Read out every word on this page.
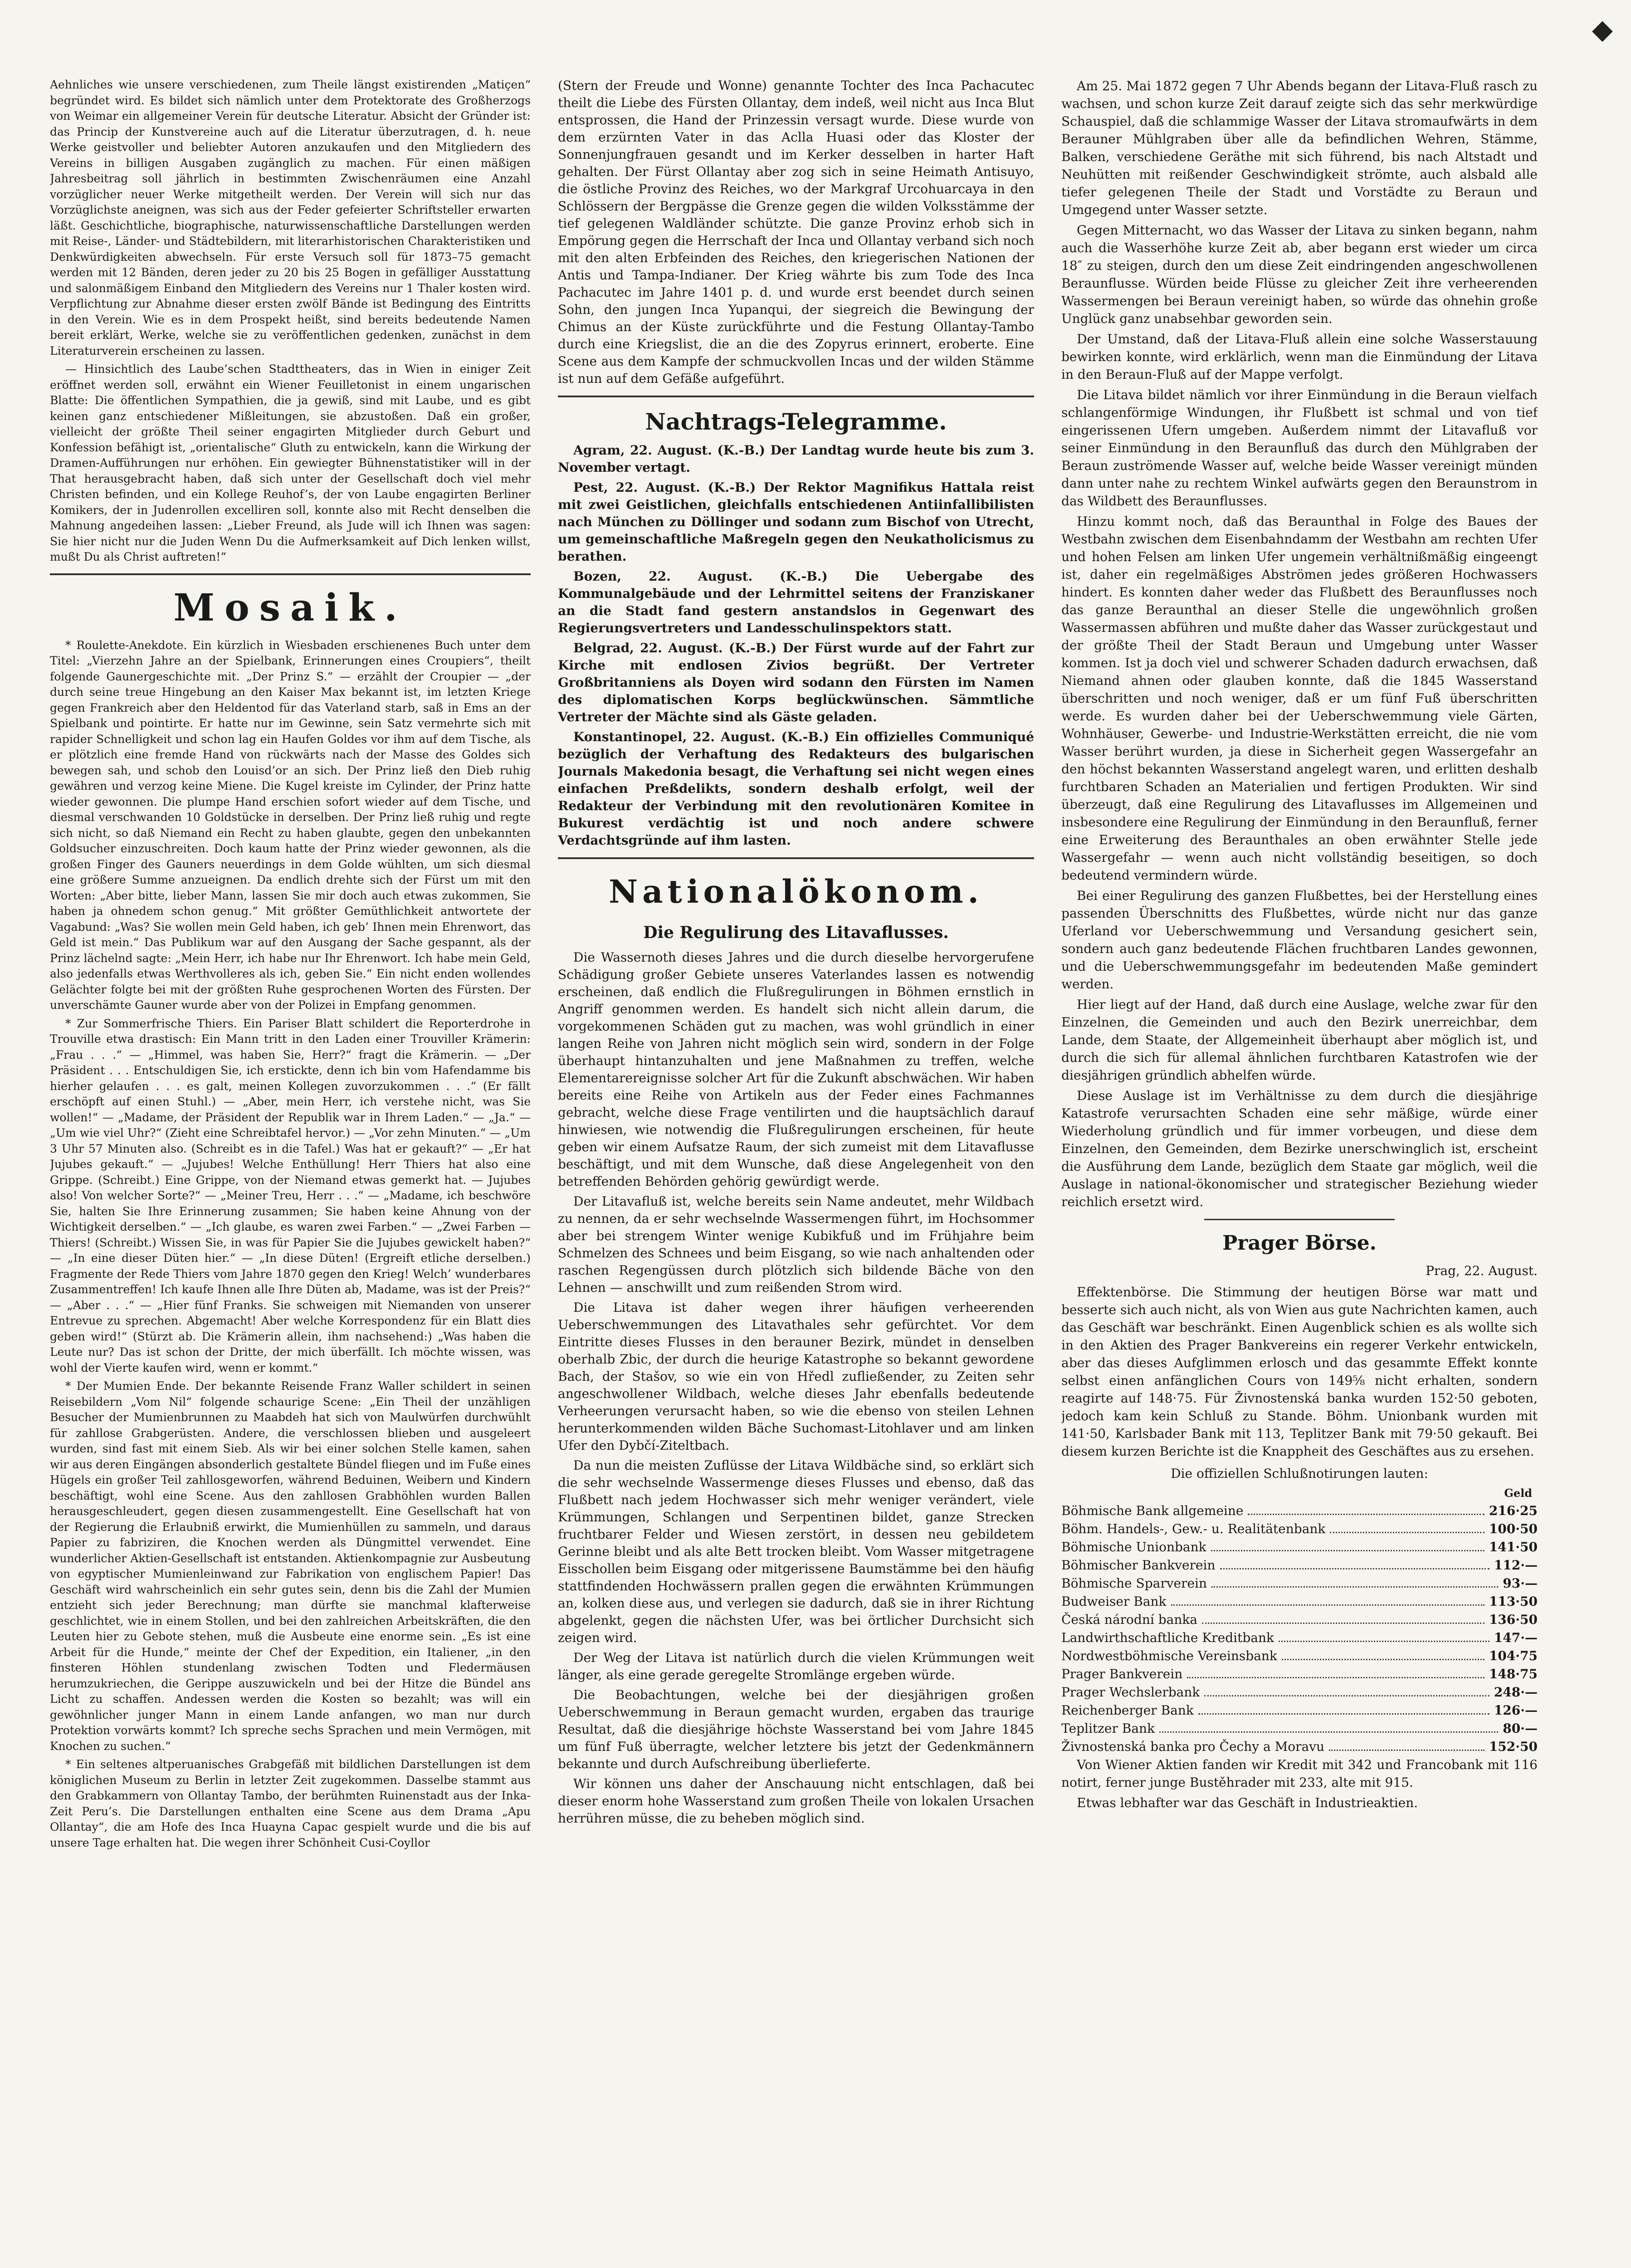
◆

Aehnliches wie unsere verschiedenen, zum Theile längst existirenden „Matiçen“ begründet wird. Es bildet sich nämlich unter dem Protektorate des Großherzogs von Weimar ein allgemeiner Verein für deutsche Literatur. Absicht der Gründer ist: das Princip der Kunstvereine auch auf die Literatur überzutragen, d. h. neue Werke geistvoller und beliebter Autoren anzukaufen und den Mitgliedern des Vereins in billigen Ausgaben zugänglich zu machen. Für einen mäßigen Jahresbeitrag soll jährlich in bestimmten Zwischenräumen eine Anzahl vorzüglicher neuer Werke mitgetheilt werden. Der Verein will sich nur das Vorzüglichste aneignen, was sich aus der Feder gefeierter Schriftsteller erwarten läßt. Geschichtliche, biographische, naturwissenschaftliche Darstellungen werden mit Reise-, Länder- und Städtebildern, mit literarhistorischen Charakteristiken und Denkwürdigkeiten abwechseln. Für erste Versuch soll für 1873–75 gemacht werden mit 12 Bänden, deren jeder zu 20 bis 25 Bogen in gefälliger Ausstattung und salonmäßigem Einband den Mitgliedern des Vereins nur 1 Thaler kosten wird. Verpflichtung zur Abnahme dieser ersten zwölf Bände ist Bedingung des Eintritts in den Verein. Wie es in dem Prospekt heißt, sind bereits bedeutende Namen bereit erklärt, Werke, welche sie zu veröffentlichen gedenken, zunächst in dem Literaturverein erscheinen zu lassen.

— Hinsichtlich des Laube’schen Stadttheaters, das in Wien in einiger Zeit eröffnet werden soll, erwähnt ein Wiener Feuilletonist in einem ungarischen Blatte: Die öffentlichen Sympathien, die ja gewiß, sind mit Laube, und es gibt keinen ganz entschiedener Mißleitungen, sie abzustoßen. Daß ein großer, vielleicht der größte Theil seiner engagirten Mitglieder durch Geburt und Konfession befähigt ist, „orientalische“ Gluth zu entwickeln, kann die Wirkung der Dramen-Aufführungen nur erhöhen. Ein gewiegter Bühnenstatistiker will in der That herausgebracht haben, daß sich unter der Gesellschaft doch viel mehr Christen befinden, und ein Kollege Reuhof’s, der von Laube engagirten Berliner Komikers, der in Judenrollen excelliren soll, konnte also mit Recht denselben die Mahnung angedeihen lassen: „Lieber Freund, als Jude will ich Ihnen was sagen: Sie hier nicht nur die Juden Wenn Du die Aufmerksamkeit auf Dich lenken willst, mußt Du als Christ auftreten!“

Mosaik.

* Roulette-Anekdote. Ein kürzlich in Wiesbaden erschienenes Buch unter dem Titel: „Vierzehn Jahre an der Spielbank, Erinnerungen eines Croupiers“, theilt folgende Gaunergeschichte mit. „Der Prinz S.“ — erzählt der Croupier — „der durch seine treue Hingebung an den Kaiser Max bekannt ist, im letzten Kriege gegen Frankreich aber den Heldentod für das Vaterland starb, saß in Ems an der Spielbank und pointirte. Er hatte nur im Gewinne, sein Satz vermehrte sich mit rapider Schnelligkeit und schon lag ein Haufen Goldes vor ihm auf dem Tische, als er plötzlich eine fremde Hand von rückwärts nach der Masse des Goldes sich bewegen sah, und schob den Louisd’or an sich. Der Prinz ließ den Dieb ruhig gewähren und verzog keine Miene. Die Kugel kreiste im Cylinder, der Prinz hatte wieder gewonnen. Die plumpe Hand erschien sofort wieder auf dem Tische, und diesmal verschwanden 10 Goldstücke in derselben. Der Prinz ließ ruhig und regte sich nicht, so daß Niemand ein Recht zu haben glaubte, gegen den unbekannten Goldsucher einzuschreiten. Doch kaum hatte der Prinz wieder gewonnen, als die großen Finger des Gauners neuerdings in dem Golde wühlten, um sich diesmal eine größere Summe anzueignen. Da endlich drehte sich der Fürst um mit den Worten: „Aber bitte, lieber Mann, lassen Sie mir doch auch etwas zukommen, Sie haben ja ohnedem schon genug.“ Mit größter Gemüthlichkeit antwortete der Vagabund: „Was? Sie wollen mein Geld haben, ich geb’ Ihnen mein Ehrenwort, das Geld ist mein.“ Das Publikum war auf den Ausgang der Sache gespannt, als der Prinz lächelnd sagte: „Mein Herr, ich habe nur Ihr Ehrenwort. Ich habe mein Geld, also jedenfalls etwas Werthvolleres als ich, geben Sie.“ Ein nicht enden wollendes Gelächter folgte bei mit der größten Ruhe gesprochenen Worten des Fürsten. Der unverschämte Gauner wurde aber von der Polizei in Empfang genommen.

* Zur Sommerfrische Thiers. Ein Pariser Blatt schildert die Reporterdrohe in Trouville etwa drastisch: Ein Mann tritt in den Laden einer Trouviller Krämerin: „Frau . . .“ — „Himmel, was haben Sie, Herr?“ fragt die Krämerin. — „Der Präsident . . . Entschuldigen Sie, ich erstickte, denn ich bin vom Hafendamme bis hierher gelaufen . . . es galt, meinen Kollegen zuvorzukommen . . .“ (Er fällt erschöpft auf einen Stuhl.) — „Aber, mein Herr, ich verstehe nicht, was Sie wollen!“ — „Madame, der Präsident der Republik war in Ihrem Laden.“ — „Ja.“ — „Um wie viel Uhr?“ (Zieht eine Schreibtafel hervor.) — „Vor zehn Minuten.“ — „Um 3 Uhr 57 Minuten also. (Schreibt es in die Tafel.) Was hat er gekauft?“ — „Er hat Jujubes gekauft.“ — „Jujubes! Welche Enthüllung! Herr Thiers hat also eine Grippe. (Schreibt.) Eine Grippe, von der Niemand etwas gemerkt hat. — Jujubes also! Von welcher Sorte?“ — „Meiner Treu, Herr . . .“ — „Madame, ich beschwöre Sie, halten Sie Ihre Erinnerung zusammen; Sie haben keine Ahnung von der Wichtigkeit derselben.“ — „Ich glaube, es waren zwei Farben.“ — „Zwei Farben — Thiers! (Schreibt.) Wissen Sie, in was für Papier Sie die Jujubes gewickelt haben?“ — „In eine dieser Düten hier.“ — „In diese Düten! (Ergreift etliche derselben.) Fragmente der Rede Thiers vom Jahre 1870 gegen den Krieg! Welch’ wunderbares Zusammentreffen! Ich kaufe Ihnen alle Ihre Düten ab, Madame, was ist der Preis?“ — „Aber . . .“ — „Hier fünf Franks. Sie schweigen mit Niemanden von unserer Entrevue zu sprechen. Abgemacht! Aber welche Korrespondenz für ein Blatt dies geben wird!“ (Stürzt ab. Die Krämerin allein, ihm nachsehend:) „Was haben die Leute nur? Das ist schon der Dritte, der mich überfällt. Ich möchte wissen, was wohl der Vierte kaufen wird, wenn er kommt.“

* Der Mumien Ende. Der bekannte Reisende Franz Waller schildert in seinen Reisebildern „Vom Nil“ folgende schaurige Scene: „Ein Theil der unzähligen Besucher der Mumienbrunnen zu Maabdeh hat sich von Maulwürfen durchwühlt für zahllose Grabgerüsten. Andere, die verschlossen blieben und ausgeleert wurden, sind fast mit einem Sieb. Als wir bei einer solchen Stelle kamen, sahen wir aus deren Eingängen absonderlich gestaltete Bündel fliegen und im Fuße eines Hügels ein großer Teil zahllosgeworfen, während Beduinen, Weibern und Kindern beschäftigt, wohl eine Scene. Aus den zahllosen Grabhöhlen wurden Ballen herausgeschleudert, gegen diesen zusammengestellt. Eine Gesellschaft hat von der Regierung die Erlaubniß erwirkt, die Mumienhüllen zu sammeln, und daraus Papier zu fabriziren, die Knochen werden als Düngmittel verwendet. Eine wunderlicher Aktien-Gesellschaft ist entstanden. Aktienkompagnie zur Ausbeutung von egyptischer Mumienleinwand zur Fabrikation von englischem Papier! Das Geschäft wird wahrscheinlich ein sehr gutes sein, denn bis die Zahl der Mumien entzieht sich jeder Berechnung; man dürfte sie manchmal klafterweise geschlichtet, wie in einem Stollen, und bei den zahlreichen Arbeitskräften, die den Leuten hier zu Gebote stehen, muß die Ausbeute eine enorme sein. „Es ist eine Arbeit für die Hunde,“ meinte der Chef der Expedition, ein Italiener, „in den finsteren Höhlen stundenlang zwischen Todten und Fledermäusen herumzukriechen, die Gerippe auszuwickeln und bei der Hitze die Bündel ans Licht zu schaffen. Andessen werden die Kosten so bezahlt; was will ein gewöhnlicher junger Mann in einem Lande anfangen, wo man nur durch Protektion vorwärts kommt? Ich spreche sechs Sprachen und mein Vermögen, mit Knochen zu suchen.“

* Ein seltenes altperuanisches Grabgefäß mit bildlichen Darstellungen ist dem königlichen Museum zu Berlin in letzter Zeit zugekommen. Dasselbe stammt aus den Grabkammern von Ollantay Tambo, der berühmten Ruinenstadt aus der Inka-Zeit Peru’s. Die Darstellungen enthalten eine Scene aus dem Drama „Apu Ollantay“, die am Hofe des Inca Huayna Capac gespielt wurde und die bis auf unsere Tage erhalten hat. Die wegen ihrer Schönheit Cusi-Coyllor

(Stern der Freude und Wonne) genannte Tochter des Inca Pachacutec theilt die Liebe des Fürsten Ollantay, dem indeß, weil nicht aus Inca Blut entsprossen, die Hand der Prinzessin versagt wurde. Diese wurde von dem erzürnten Vater in das Aclla Huasi oder das Kloster der Sonnenjungfrauen gesandt und im Kerker desselben in harter Haft gehalten. Der Fürst Ollantay aber zog sich in seine Heimath Antisuyo, die östliche Provinz des Reiches, wo der Markgraf Urcohuarcaya in den Schlössern der Bergpässe die Grenze gegen die wilden Volksstämme der tief gelegenen Waldländer schützte. Die ganze Provinz erhob sich in Empörung gegen die Herrschaft der Inca und Ollantay verband sich noch mit den alten Erbfeinden des Reiches, den kriegerischen Nationen der Antis und Tampa-Indianer. Der Krieg währte bis zum Tode des Inca Pachacutec im Jahre 1401 p. d. und wurde erst beendet durch seinen Sohn, den jungen Inca Yupanqui, der siegreich die Bewingung der Chimus an der Küste zurückführte und die Festung Ollantay-Tambo durch eine Kriegslist, die an die des Zopyrus erinnert, eroberte. Eine Scene aus dem Kampfe der schmuckvollen Incas und der wilden Stämme ist nun auf dem Gefäße aufgeführt.

Nachtrags-Telegramme.

Agram, 22. August. (K.-B.) Der Landtag wurde heute bis zum 3. November vertagt.

Pest, 22. August. (K.-B.) Der Rektor Magnifikus Hattala reist mit zwei Geistlichen, gleichfalls entschiedenen Antiinfallibilisten nach München zu Döllinger und sodann zum Bischof von Utrecht, um gemeinschaftliche Maßregeln gegen den Neukatholicismus zu berathen.

Bozen, 22. August. (K.-B.) Die Uebergabe des Kommunalgebäude und der Lehrmittel seitens der Franziskaner an die Stadt fand gestern anstandslos in Gegenwart des Regierungsvertreters und Landesschulinspektors statt.

Belgrad, 22. August. (K.-B.) Der Fürst wurde auf der Fahrt zur Kirche mit endlosen Zivios begrüßt. Der Vertreter Großbritanniens als Doyen wird sodann den Fürsten im Namen des diplomatischen Korps beglückwünschen. Sämmtliche Vertreter der Mächte sind als Gäste geladen.

Konstantinopel, 22. August. (K.-B.) Ein offizielles Communiqué bezüglich der Verhaftung des Redakteurs des bulgarischen Journals Makedonia besagt, die Verhaftung sei nicht wegen eines einfachen Preßdelikts, sondern deshalb erfolgt, weil der Redakteur der Verbindung mit den revolutionären Komitee in Bukurest verdächtig ist und noch andere schwere Verdachtsgründe auf ihm lasten.

Nationalökonom.
Die Regulirung des Litavaflusses.

Die Wassernoth dieses Jahres und die durch dieselbe hervorgerufene Schädigung großer Gebiete unseres Vaterlandes lassen es notwendig erscheinen, daß endlich die Flußregulirungen in Böhmen ernstlich in Angriff genommen werden. Es handelt sich nicht allein darum, die vorgekommenen Schäden gut zu machen, was wohl gründlich in einer langen Reihe von Jahren nicht möglich sein wird, sondern in der Folge überhaupt hintanzuhalten und jene Maßnahmen zu treffen, welche Elementarereignisse solcher Art für die Zukunft abschwächen. Wir haben bereits eine Reihe von Artikeln aus der Feder eines Fachmannes gebracht, welche diese Frage ventilirten und die hauptsächlich darauf hinwiesen, wie notwendig die Flußregulirungen erscheinen, für heute geben wir einem Aufsatze Raum, der sich zumeist mit dem Litavaflusse beschäftigt, und mit dem Wunsche, daß diese Angelegenheit von den betreffenden Behörden gehörig gewürdigt werde.

Der Litavafluß ist, welche bereits sein Name andeutet, mehr Wildbach zu nennen, da er sehr wechselnde Wassermengen führt, im Hochsommer aber bei strengem Winter wenige Kubikfuß und im Frühjahre beim Schmelzen des Schnees und beim Eisgang, so wie nach anhaltenden oder raschen Regengüssen durch plötzlich sich bildende Bäche von den Lehnen — anschwillt und zum reißenden Strom wird.

Die Litava ist daher wegen ihrer häufigen verheerenden Ueberschwemmungen des Litavathales sehr gefürchtet. Vor dem Eintritte dieses Flusses in den berauner Bezirk, mündet in denselben oberhalb Zbic, der durch die heurige Katastrophe so bekannt gewordene Bach, der Stašov, so wie ein von Hředl zufließender, zu Zeiten sehr angeschwollener Wildbach, welche dieses Jahr ebenfalls bedeutende Verheerungen verursacht haben, so wie die ebenso von steilen Lehnen herunterkommenden wilden Bäche Suchomast-Litohlaver und am linken Ufer den Dybčí-Ziteltbach.

Da nun die meisten Zuflüsse der Litava Wildbäche sind, so erklärt sich die sehr wechselnde Wassermenge dieses Flusses und ebenso, daß das Flußbett nach jedem Hochwasser sich mehr weniger verändert, viele Krümmungen, Schlangen und Serpentinen bildet, ganze Strecken fruchtbarer Felder und Wiesen zerstört, in dessen neu gebildetem Gerinne bleibt und als alte Bett trocken bleibt. Vom Wasser mitgetragene Eisschollen beim Eisgang oder mitgerissene Baumstämme bei den häufig stattfindenden Hochwässern prallen gegen die erwähnten Krümmungen an, kolken diese aus, und verlegen sie dadurch, daß sie in ihrer Richtung abgelenkt, gegen die nächsten Ufer, was bei örtlicher Durchsicht sich zeigen wird.

Der Weg der Litava ist natürlich durch die vielen Krümmungen weit länger, als eine gerade geregelte Stromlänge ergeben würde.

Die Beobachtungen, welche bei der diesjährigen großen Ueberschwemmung in Beraun gemacht wurden, ergaben das traurige Resultat, daß die diesjährige höchste Wasserstand bei vom Jahre 1845 um fünf Fuß überragte, welcher letztere bis jetzt der Gedenkmännern bekannte und durch Aufschreibung überlieferte.

Wir können uns daher der Anschauung nicht entschlagen, daß bei dieser enorm hohe Wasserstand zum großen Theile von lokalen Ursachen herrühren müsse, die zu beheben möglich sind.

Am 25. Mai 1872 gegen 7 Uhr Abends begann der Litava-Fluß rasch zu wachsen, und schon kurze Zeit darauf zeigte sich das sehr merkwürdige Schauspiel, daß die schlammige Wasser der Litava stromaufwärts in dem Berauner Mühlgraben über alle da befindlichen Wehren, Stämme, Balken, verschiedene Geräthe mit sich führend, bis nach Altstadt und Neuhütten mit reißender Geschwindigkeit strömte, auch alsbald alle tiefer gelegenen Theile der Stadt und Vorstädte zu Beraun und Umgegend unter Wasser setzte.

Gegen Mitternacht, wo das Wasser der Litava zu sinken begann, nahm auch die Wasserhöhe kurze Zeit ab, aber begann erst wieder um circa 18″ zu steigen, durch den um diese Zeit eindringenden angeschwollenen Beraunflusse. Würden beide Flüsse zu gleicher Zeit ihre verheerenden Wassermengen bei Beraun vereinigt haben, so würde das ohnehin große Unglück ganz unabsehbar geworden sein.

Der Umstand, daß der Litava-Fluß allein eine solche Wasserstauung bewirken konnte, wird erklärlich, wenn man die Einmündung der Litava in den Beraun-Fluß auf der Mappe verfolgt.

Die Litava bildet nämlich vor ihrer Einmündung in die Beraun vielfach schlangenförmige Windungen, ihr Flußbett ist schmal und von tief eingerissenen Ufern umgeben. Außerdem nimmt der Litavafluß vor seiner Einmündung in den Beraunfluß das durch den Mühlgraben der Beraun zuströmende Wasser auf, welche beide Wasser vereinigt münden dann unter nahe zu rechtem Winkel aufwärts gegen den Beraunstrom in das Wildbett des Beraunflusses.

Hinzu kommt noch, daß das Beraunthal in Folge des Baues der Westbahn zwischen dem Eisenbahndamm der Westbahn am rechten Ufer und hohen Felsen am linken Ufer ungemein verhältnißmäßig eingeengt ist, daher ein regelmäßiges Abströmen jedes größeren Hochwassers hindert. Es konnten daher weder das Flußbett des Beraunflusses noch das ganze Beraunthal an dieser Stelle die ungewöhnlich großen Wassermassen abführen und mußte daher das Wasser zurückgestaut und der größte Theil der Stadt Beraun und Umgebung unter Wasser kommen. Ist ja doch viel und schwerer Schaden dadurch erwachsen, daß Niemand ahnen oder glauben konnte, daß die 1845 Wasserstand überschritten und noch weniger, daß er um fünf Fuß überschritten werde. Es wurden daher bei der Ueberschwemmung viele Gärten, Wohnhäuser, Gewerbe- und Industrie-Werkstätten erreicht, die nie vom Wasser berührt wurden, ja diese in Sicherheit gegen Wassergefahr an den höchst bekannten Wasserstand angelegt waren, und erlitten deshalb furchtbaren Schaden an Materialien und fertigen Produkten. Wir sind überzeugt, daß eine Regulirung des Litavaflusses im Allgemeinen und insbesondere eine Regulirung der Einmündung in den Beraunfluß, ferner eine Erweiterung des Beraunthales an oben erwähnter Stelle jede Wassergefahr — wenn auch nicht vollständig beseitigen, so doch bedeutend vermindern würde.

Bei einer Regulirung des ganzen Flußbettes, bei der Herstellung eines passenden Überschnitts des Flußbettes, würde nicht nur das ganze Uferland vor Ueberschwemmung und Versandung gesichert sein, sondern auch ganz bedeutende Flächen fruchtbaren Landes gewonnen, und die Ueberschwemmungsgefahr im bedeutenden Maße gemindert werden.

Hier liegt auf der Hand, daß durch eine Auslage, welche zwar für den Einzelnen, die Gemeinden und auch den Bezirk unerreichbar, dem Lande, dem Staate, der Allgemeinheit überhaupt aber möglich ist, und durch die sich für allemal ähnlichen furchtbaren Katastrofen wie der diesjährigen gründlich abhelfen würde.

Diese Auslage ist im Verhältnisse zu dem durch die diesjährige Katastrofe verursachten Schaden eine sehr mäßige, würde einer Wiederholung gründlich und für immer vorbeugen, und diese dem Einzelnen, den Gemeinden, dem Bezirke unerschwinglich ist, erscheint die Ausführung dem Lande, bezüglich dem Staate gar möglich, weil die Auslage in national-ökonomischer und strategischer Beziehung wieder reichlich ersetzt wird.

Prager Börse.

Prag, 22. August.

Effektenbörse. Die Stimmung der heutigen Börse war matt und besserte sich auch nicht, als von Wien aus gute Nachrichten kamen, auch das Geschäft war beschränkt. Einen Augenblick schien es als wollte sich in den Aktien des Prager Bankvereins ein regerer Verkehr entwickeln, aber das dieses Aufglimmen erlosch und das gesammte Effekt konnte selbst einen anfänglichen Cours von 149⅝ nicht erhalten, sondern reagirte auf 148·75. Für Živnostenská banka wurden 152·50 geboten, jedoch kam kein Schluß zu Stande. Böhm. Unionbank wurden mit 141·50, Karlsbader Bank mit 113, Teplitzer Bank mit 79·50 gekauft. Bei diesem kurzen Berichte ist die Knappheit des Geschäftes aus zu ersehen.

Die offiziellen Schlußnotirungen lauten:

Geld
Böhmische Bank allgemeine	216·25
Böhm. Handels-, Gew.- u. Realitätenbank	100·50
Böhmische Unionbank	141·50
Böhmischer Bankverein	112·—
Böhmische Sparverein	93·—
Budweiser Bank	113·50
Česká národní banka	136·50
Landwirthschaftliche Kreditbank	147·—
Nordwestböhmische Vereinsbank	104·75
Prager Bankverein	148·75
Prager Wechslerbank	248·—
Reichenberger Bank	126·—
Teplitzer Bank	80·—
Živnostenská banka pro Čechy a Moravu	152·50

Von Wiener Aktien fanden wir Kredit mit 342 und Francobank mit 116 notirt, ferner junge Bustěhrader mit 233, alte mit 915.

Etwas lebhafter war das Geschäft in Industrieaktien.
